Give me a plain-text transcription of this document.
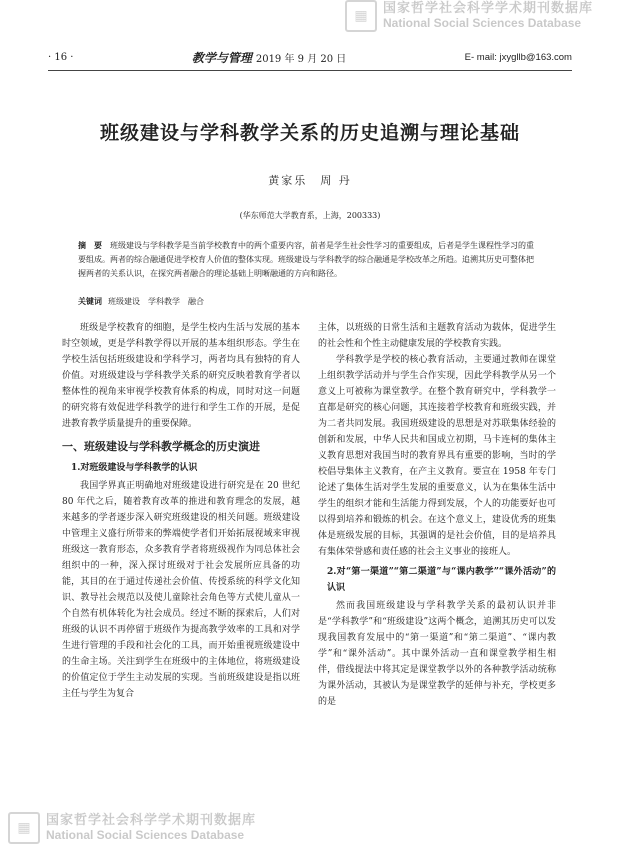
▦	国家哲学社会科学学术期刊数据库
National Social Sciences Database
· 16 ·	教学与管理 2019 年 9 月 20 日	E- mail: jxygllb@163.com
班级建设与学科教学关系的历史追溯与理论基础
黄家乐　周 丹
(华东师范大学教育系，上海，200333)
摘　要 班级建设与学科教学是当前学校教育中的两个重要内容，前者是学生社会性学习的重要组成，后者是学生课程性学习的重要组成。两者的综合融通促进学校育人价值的整体实现。班级建设与学科教学的综合融通是学校改革之所趋。追溯其历史可整体把握两者的关系认识，在探究两者融合的理论基础上明晰融通的方向和路径。
关键词 班级建设　学科教学　融合

班级是学校教育的细胞，是学生校内生活与发展的基本时空领域，更是学科教学得以开展的基本组织形态。学生在学校生活包括班级建设和学科学习，两者均具有独特的育人价值。对班级建设与学科教学关系的研究反映着教育学者以整体性的视角来审视学校教育体系的构成，同时对这一问题的研究将有效促进学科教学的进行和学生工作的开展，是促进教育教学质量提升的重要保障。

一、班级建设与学科教学概念的历史演进
1.对班级建设与学科教学的认识

我国学界真正明确地对班级建设进行研究是在 20 世纪 80 年代之后，随着教育改革的推进和教育理念的发展，越来越多的学者逐步深入研究班级建设的相关问题。班级建设中管理主义盛行所带来的弊端使学者们开始拓展视域来审视班级这一教育形态，众多教育学者将班级视作为同总体社会组织中的一种，深入探讨班级对于社会发展所应具备的功能，其目的在于通过传递社会价值、传授系统的科学文化知识、教导社会规范以及使儿童除社会角色等方式使儿童从一个自然有机体转化为社会成员。经过不断的探索后，人们对班级的认识不再停留于班级作为提高教学效率的工具和对学生进行管理的手段和社会化的工具，而开始重视班级建设中的生命主场。关注到学生在班级中的主体地位，将班级建设的价值定位于学生主动发展的实现。当前班级建设是指以班主任与学生为复合

主体，以班级的日常生活和主题教育活动为载体，促进学生的社会性和个性主动健康发展的学校教育实践。

学科教学是学校的核心教育活动，主要通过教师在课堂上组织教学活动并与学生合作实现，因此学科教学从另一个意义上可被称为课堂教学。在整个教育研究中，学科教学一直都是研究的核心问题，其连接着学校教育和班级实践，并为二者共同发展。我国班级建设的思想是对苏联集体经验的创新和发展，中华人民共和国成立初期，马卡连柯的集体主义教育思想对我国当时的教育界具有重要的影响，当时的学校倡导集体主义教育，在产主义教育。要宣在 1958 年专门论述了集体生活对学生发展的重要意义，认为在集体生活中学生的组织才能和生活能力得到发展，个人的功能要好也可以得到培养和锻炼的机会。在这个意义上，建设优秀的班集体是班级发展的目标，其强调的是社会价值，目的是培养具有集体荣誉感和责任感的社会主义事业的接班人。

2.对“第一渠道”“第二渠道”与“课内教学”“课外活动”的认识

然而我国班级建设与学科教学关系的最初认识并非是“学科教学”和“班级建设”这两个概念，追溯其历史可以发现我国教育发展中的“第一渠道”和“第二渠道”、“课内教学”和“课外活动”。其中课外活动一直和课堂教学相生相伴，借线提法中将其定是课堂教学以外的各种教学活动统称为课外活动，其被认为是课堂教学的延伸与补充，学校更多的是

▦	国家哲学社会科学学术期刊数据库
National Social Sciences Database
